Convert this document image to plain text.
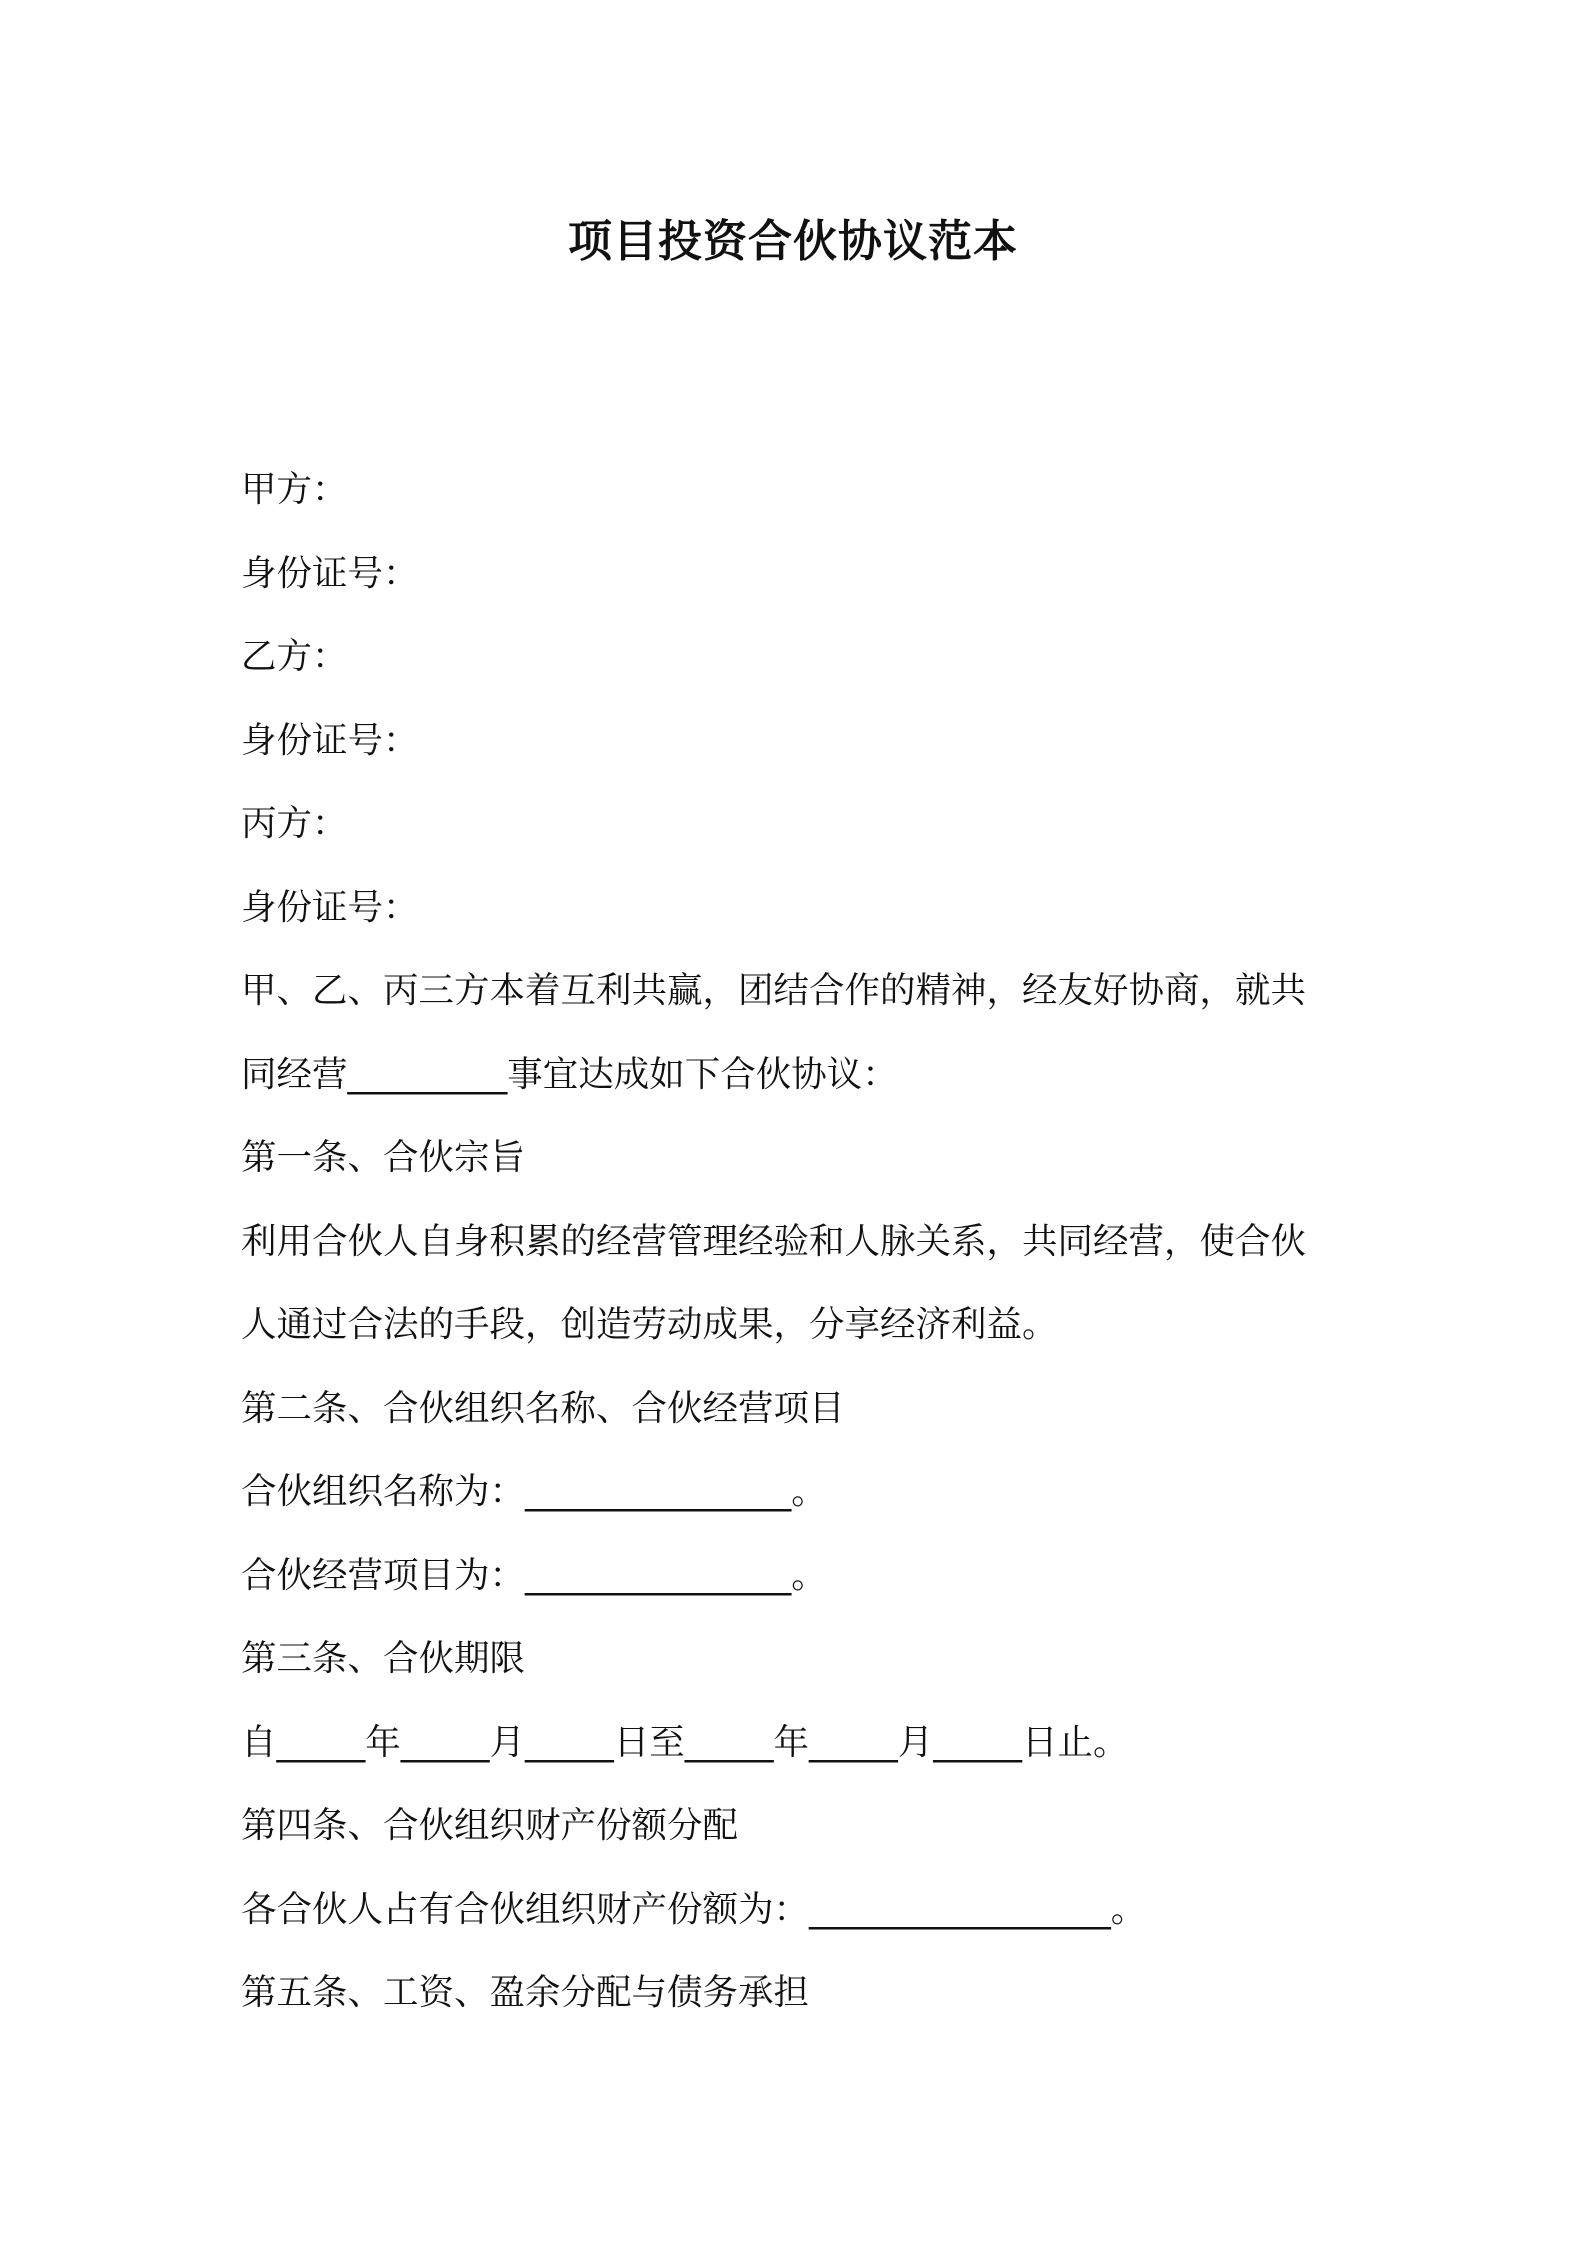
项目投资合伙协议范本
甲方：
身份证号：
乙方：
身份证号：
丙方：
身份证号：
甲、乙、丙三方本着互利共赢，团结合作的精神，经友好协商，就共
同经营_________事宜达成如下合伙协议：
第一条、合伙宗旨
利用合伙人自身积累的经营管理经验和人脉关系，共同经营，使合伙
人通过合法的手段，创造劳动成果，分享经济利益。
第二条、合伙组织名称、合伙经营项目
合伙组织名称为：_______________。
合伙经营项目为：_______________。
第三条、合伙期限
自_____年_____月_____日至_____年_____月_____日止。
第四条、合伙组织财产份额分配
各合伙人占有合伙组织财产份额为：_________________。
第五条、工资、盈余分配与债务承担
